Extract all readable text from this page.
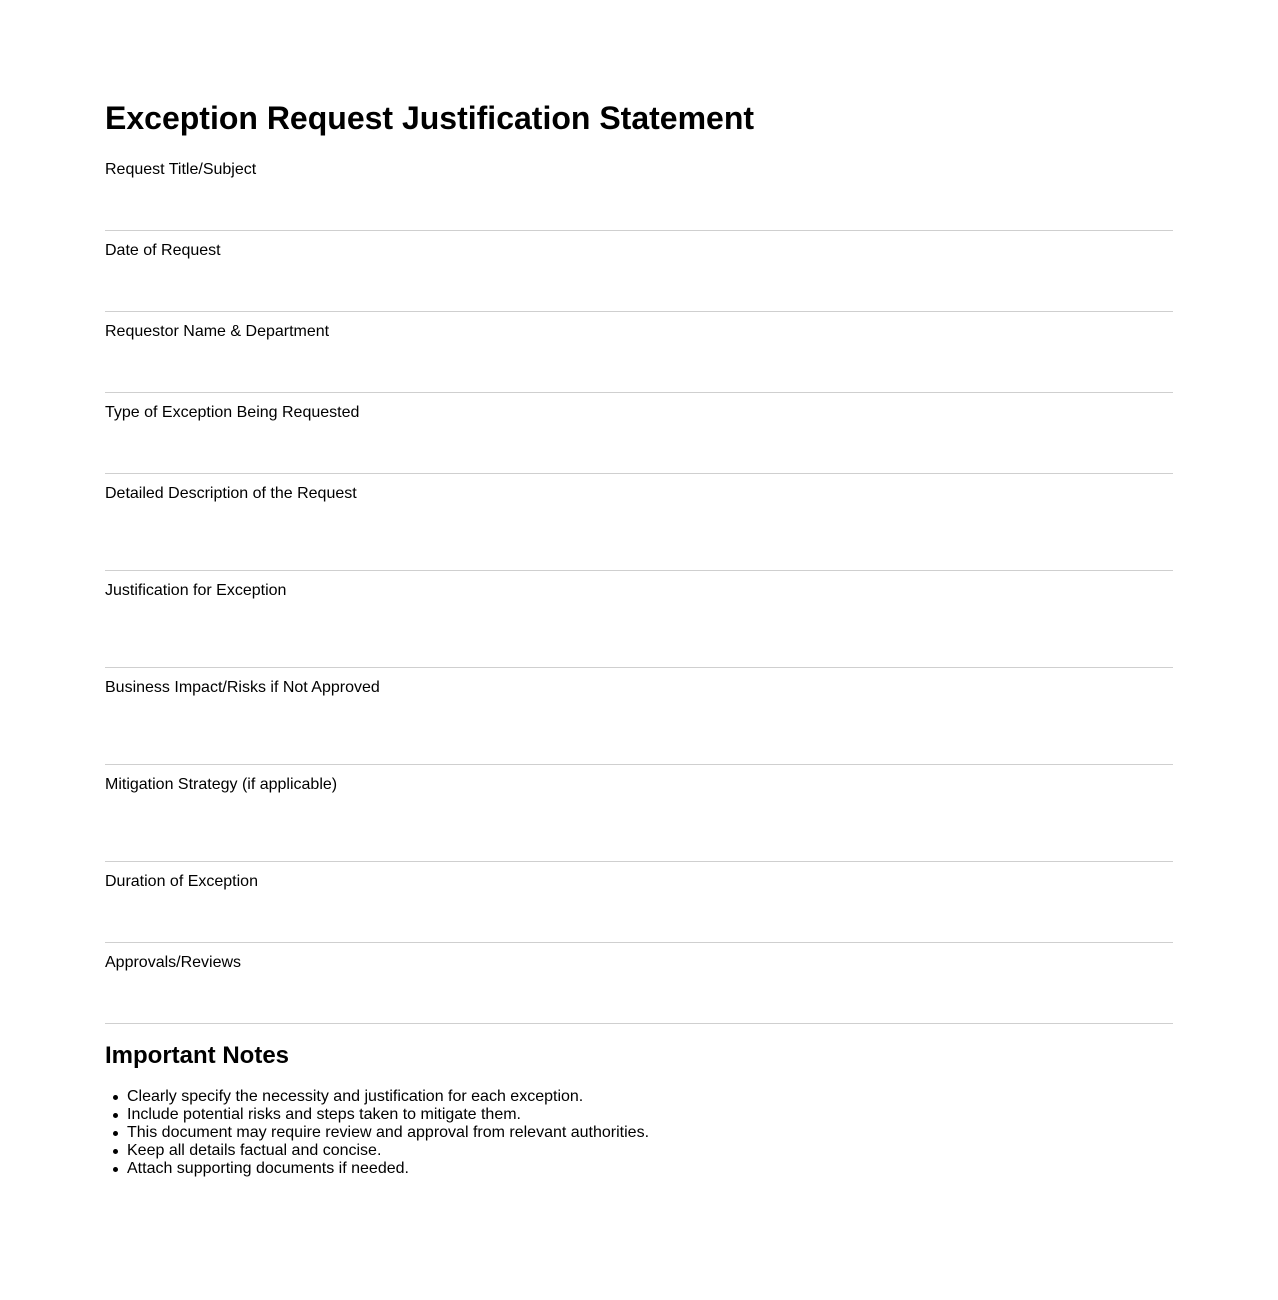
Exception Request Justification Statement
Request Title/Subject
Date of Request
Requestor Name & Department
Type of Exception Being Requested
Detailed Description of the Request
Justification for Exception
Business Impact/Risks if Not Approved
Mitigation Strategy (if applicable)
Duration of Exception
Approvals/Reviews
Important Notes
Clearly specify the necessity and justification for each exception.
Include potential risks and steps taken to mitigate them.
This document may require review and approval from relevant authorities.
Keep all details factual and concise.
Attach supporting documents if needed.
